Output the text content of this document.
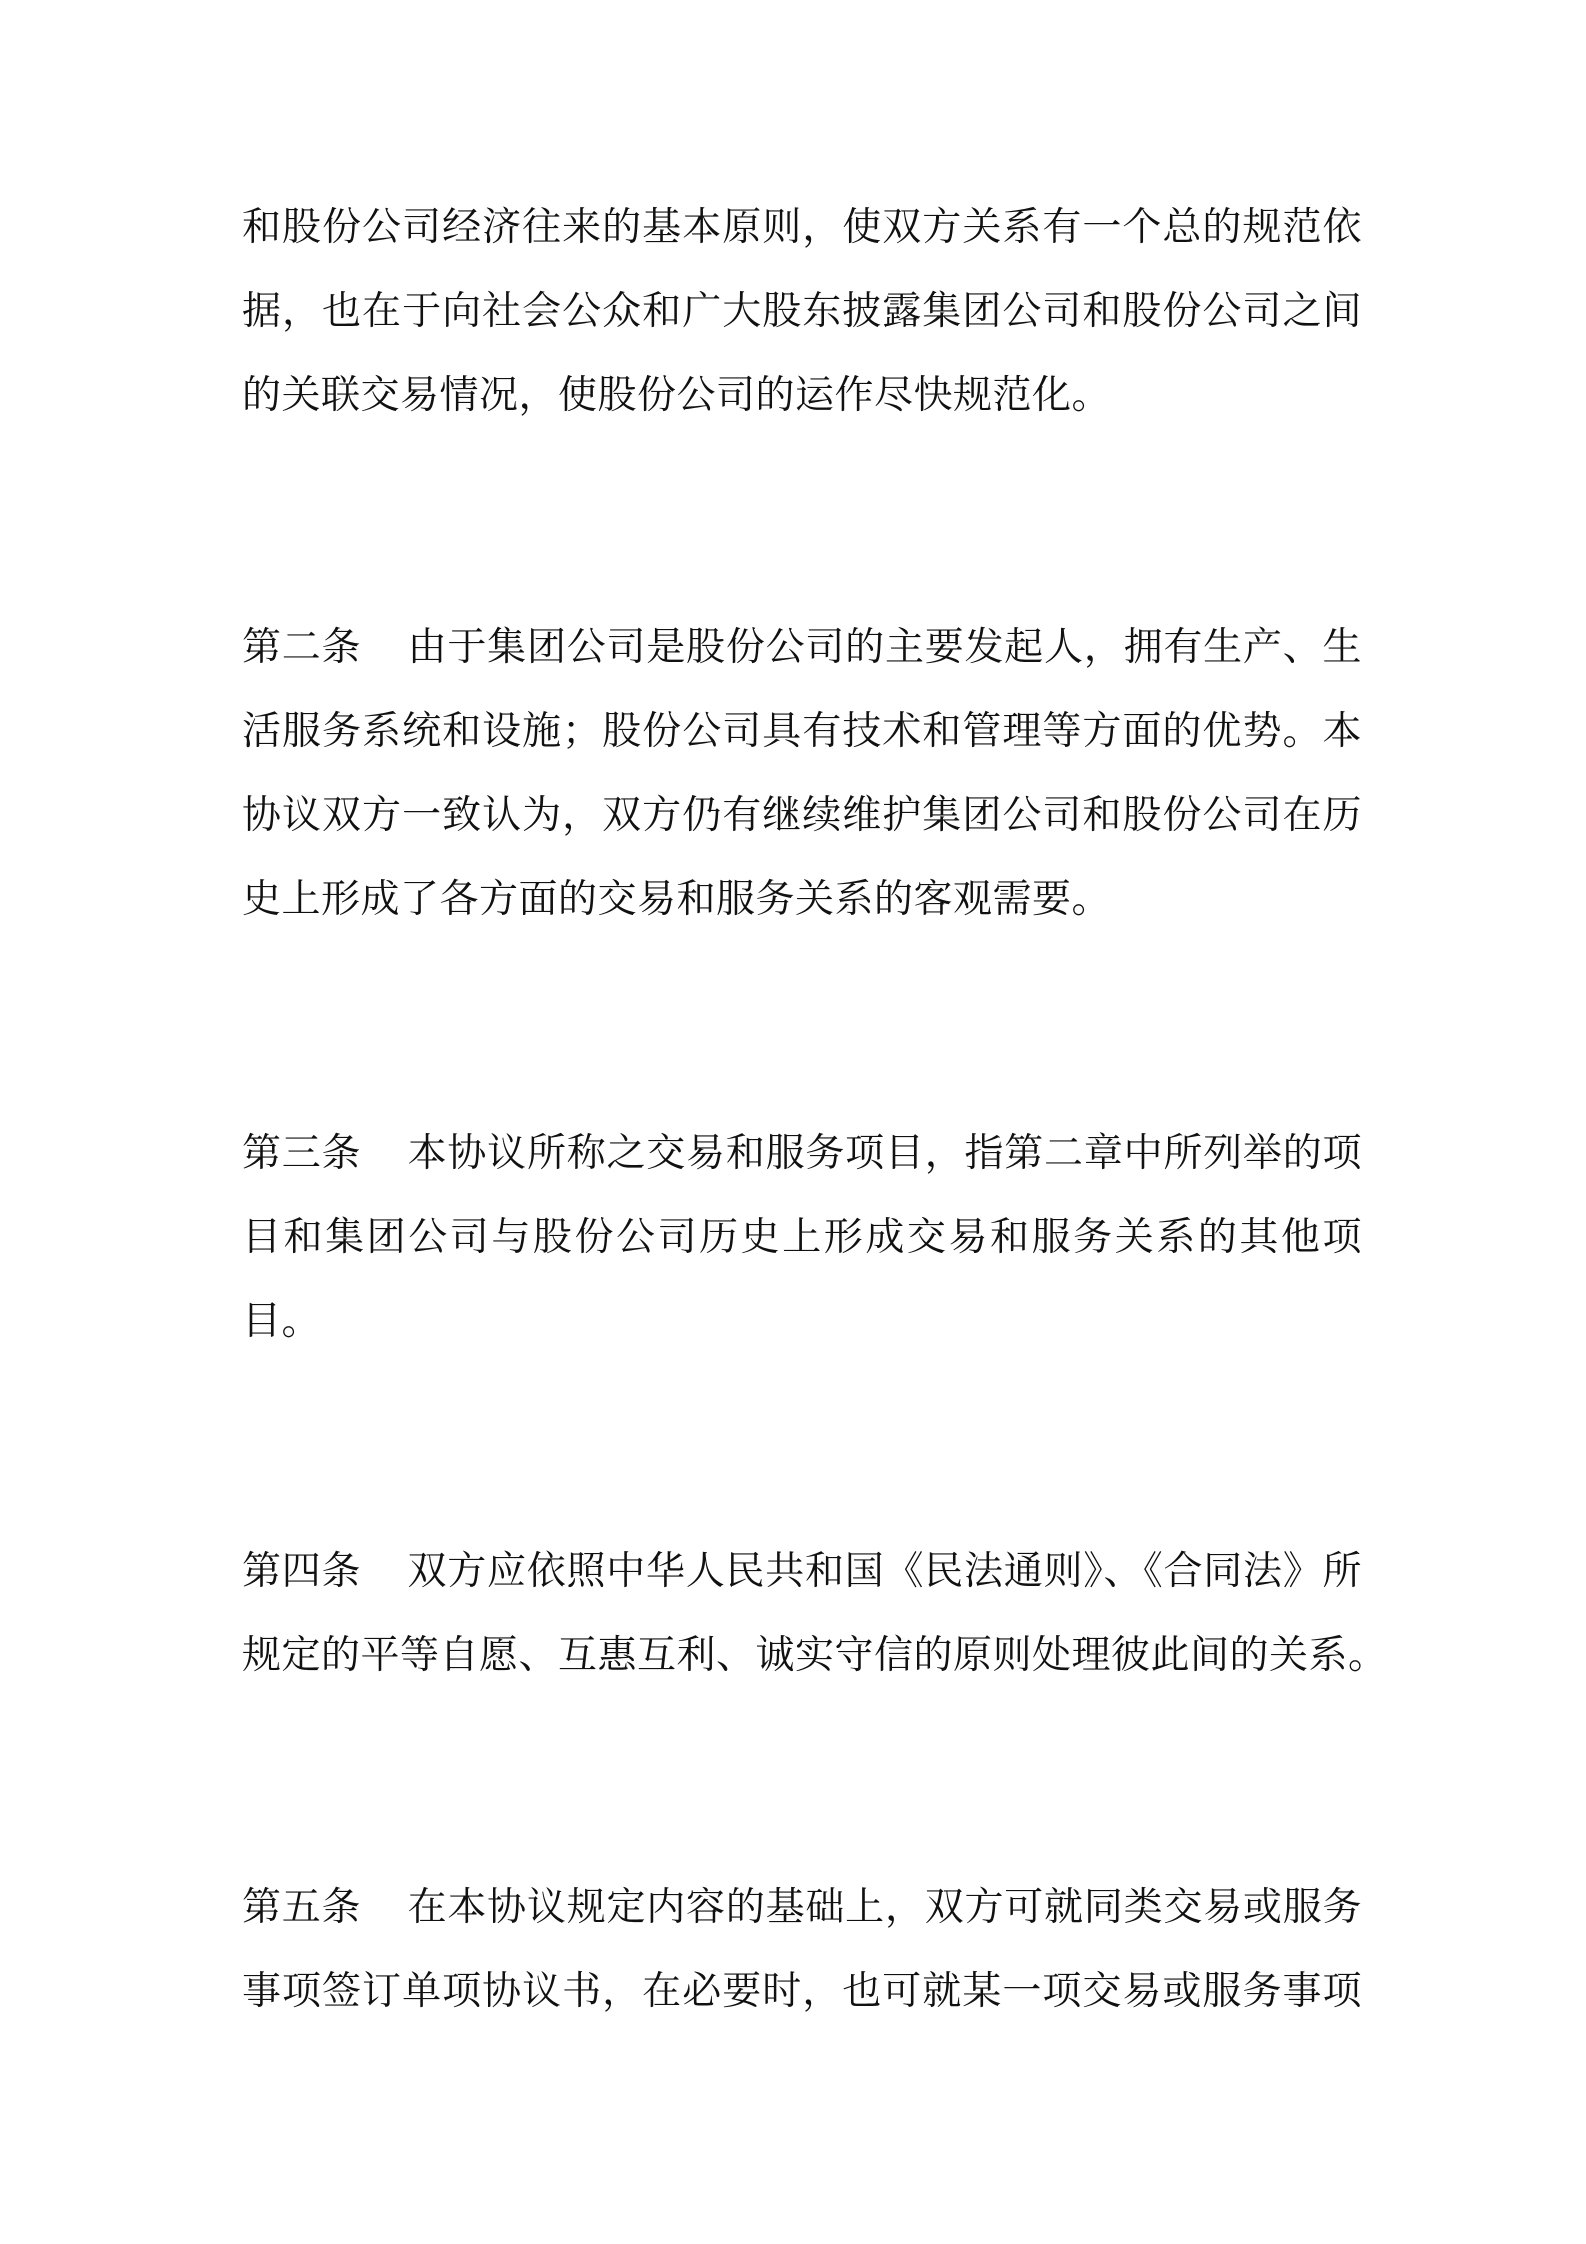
和股份公司经济往来的基本原则，使双方关系有一个总的规范依
据，也在于向社会公众和广大股东披露集团公司和股份公司之间
的关联交易情况，使股份公司的运作尽快规范化。
第二条 由于集团公司是股份公司的主要发起人，拥有生产、生
活服务系统和设施；股份公司具有技术和管理等方面的优势。本
协议双方一致认为，双方仍有继续维护集团公司和股份公司在历
史上形成了各方面的交易和服务关系的客观需要。
第三条 本协议所称之交易和服务项目，指第二章中所列举的项
目和集团公司与股份公司历史上形成交易和服务关系的其他项
目。
第四条 双方应依照中华人民共和国《民法通则》、《合同法》所
规定的平等自愿、互惠互利、诚实守信的原则处理彼此间的关系。
第五条 在本协议规定内容的基础上，双方可就同类交易或服务
事项签订单项协议书，在必要时，也可就某一项交易或服务事项
